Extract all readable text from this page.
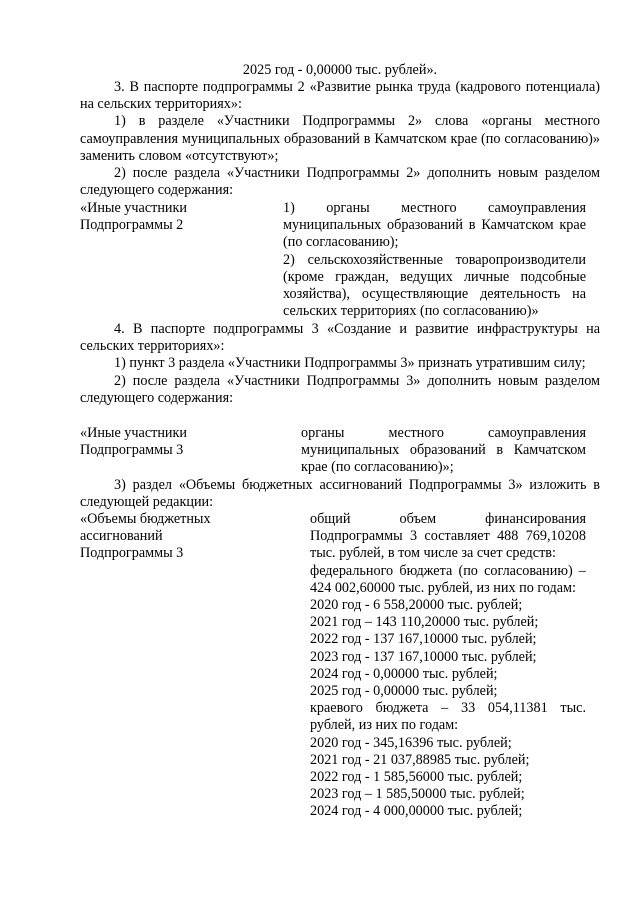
2025 год - 0,00000 тыс. рублей».

3. В паспорте подпрограммы 2 «Развитие рынка труда (кадрового потенциала) на сельских территориях»:

1) в разделе «Участники Подпрограммы 2» слова «органы местного самоуправления муниципальных образований в Камчатском крае (по согласованию)» заменить словом «отсутствуют»;

2) после раздела «Участники Подпрограммы 2» дополнить новым разделом следующего содержания:

«Иные участники

Подпрограммы 2

1) органы местного самоуправления муниципальных образований в Камчатском крае (по согласованию);

2) сельскохозяйственные товаропроизводители (кроме граждан, ведущих личные подсобные хозяйства), осуществляющие деятельность на сельских территориях (по согласованию)»

4. В паспорте подпрограммы 3 «Создание и развитие инфраструктуры на сельских территориях»:

1) пункт 3 раздела «Участники Подпрограммы 3» признать утратившим силу;

2) после раздела «Участники Подпрограммы 3» дополнить новым разделом следующего содержания:

«Иные участники

Подпрограммы 3

органы местного самоуправления муниципальных образований в Камчатском крае (по согласованию)»;

3) раздел «Объемы бюджетных ассигнований Подпрограммы 3» изложить в следующей редакции:

«Объемы бюджетных

ассигнований

Подпрограммы 3

общий объем финансирования Подпрограммы 3 составляет 488 769,10208 тыс. рублей, в том числе за счет средств:

федерального бюджета (по согласованию) – 424 002,60000 тыс. рублей, из них по годам:

2020 год - 6 558,20000 тыс. рублей;

2021 год – 143 110,20000 тыс. рублей;

2022 год - 137 167,10000 тыс. рублей;

2023 год - 137 167,10000 тыс. рублей;

2024 год - 0,00000 тыс. рублей;

2025 год - 0,00000 тыс. рублей;

краевого бюджета – 33 054,11381 тыс. рублей, из них по годам:

2020 год - 345,16396 тыс. рублей;

2021 год - 21 037,88985 тыс. рублей;

2022 год - 1 585,56000 тыс. рублей;

2023 год – 1 585,50000 тыс. рублей;

2024 год - 4 000,00000 тыс. рублей;
